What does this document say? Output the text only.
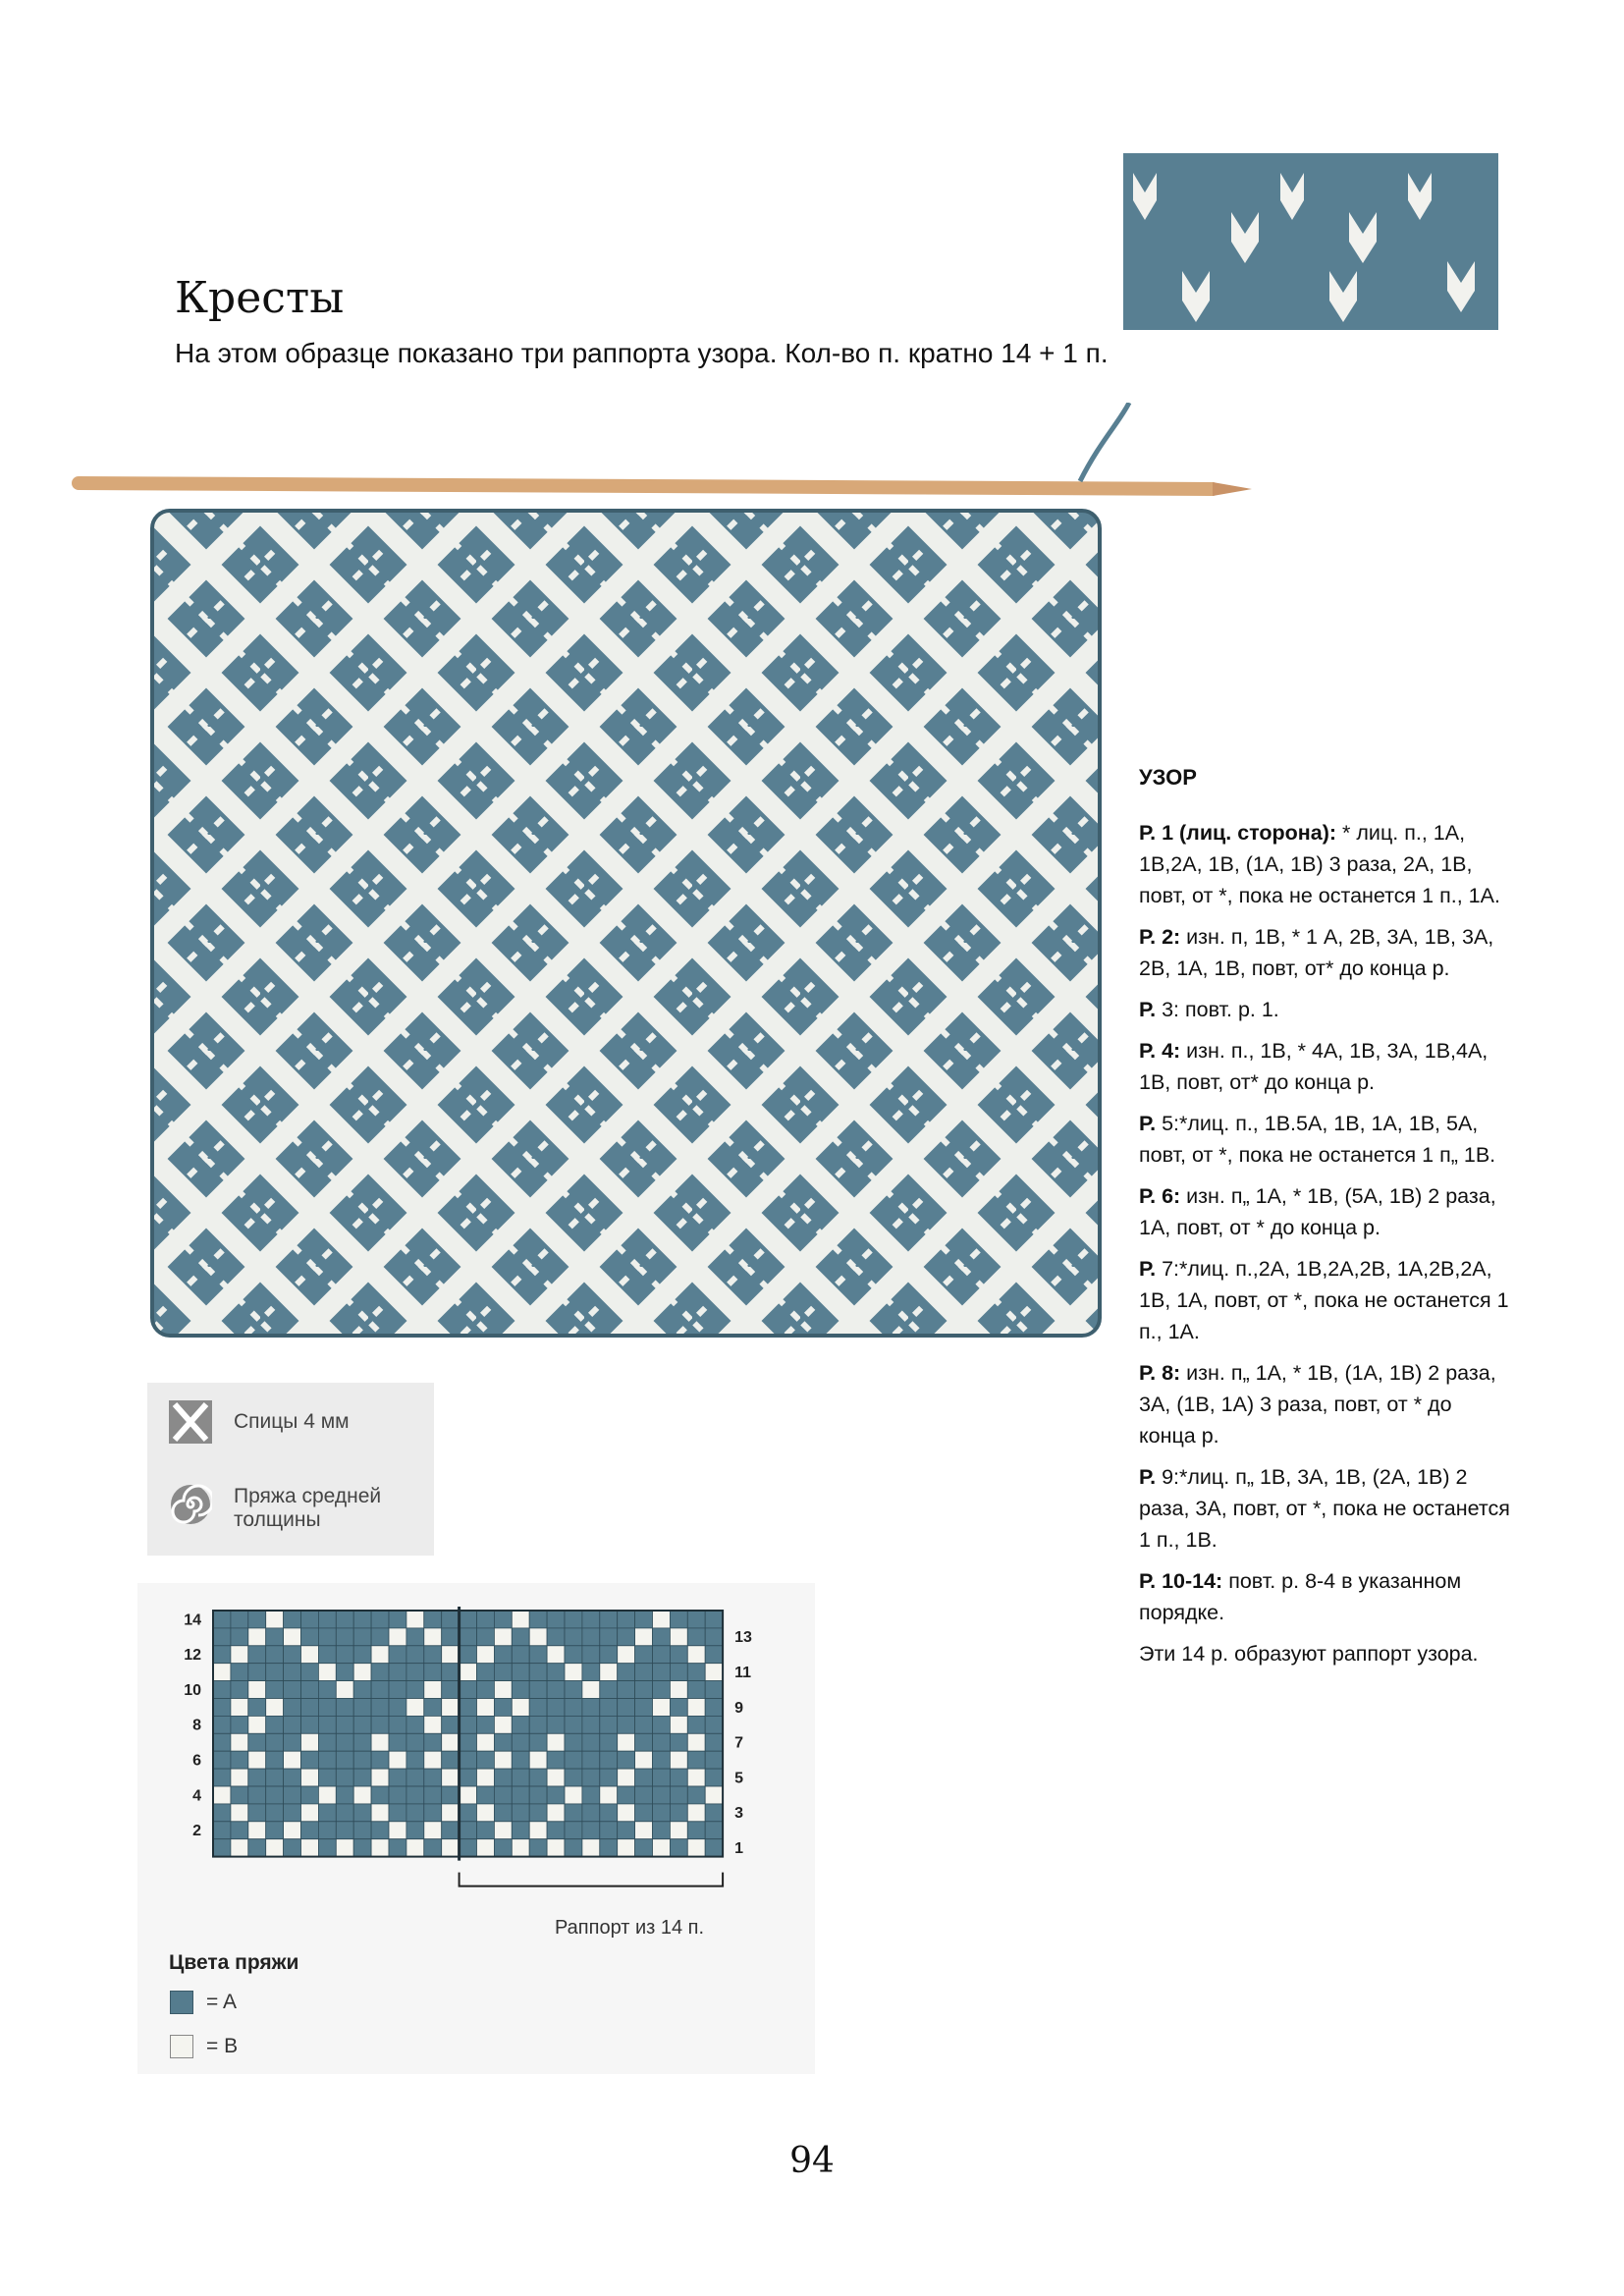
Кресты
На этом образце показано три раппорта узора. Кол-во п. кратно 14 + 1 п.
Спицы 4 мм
Пряжа средней
толщины
14
12
10
8
6
4
2
13
11
9
7
5
3
1
Раппорт из 14 п.
Цвета пряжи
= A
= B
УЗОР

Р. 1 (лиц. сторона): * лиц. п., 1А, 1В,2А, 1В, (1А, 1В) 3 раза, 2А, 1В, повт, от *, пока не останется 1 п., 1А.

Р. 2: изн. п, 1В, * 1 А, 2В, 3А, 1В, 3А, 2В, 1А, 1В, повт, от* до конца р.

Р. 3: повт. р. 1.

Р. 4: изн. п., 1В, * 4А, 1В, 3А, 1В,4А, 1В, повт, от* до конца р.

Р. 5:*лиц. п., 1В.5А, 1В, 1А, 1В, 5А, повт, от *, пока не останется 1 п„ 1В.

Р. 6: изн. п„ 1А, * 1В, (5А, 1В) 2 раза, 1А, повт, от * до конца р.

Р. 7:*лиц. п.,2А, 1В,2А,2В, 1А,2В,2А, 1В, 1А, повт, от *, пока не останется 1 п., 1А.

Р. 8: изн. п„ 1А, * 1В, (1А, 1В) 2 раза, 3А, (1В, 1А) 3 раза, повт, от * до конца р.

Р. 9:*лиц. п„ 1В, 3А, 1В, (2А, 1В) 2 раза, 3А, повт, от *, пока не останется 1 п., 1В.

Р. 10-14: повт. р. 8-4 в указанном порядке.

Эти 14 р. образуют раппорт узора.

94
